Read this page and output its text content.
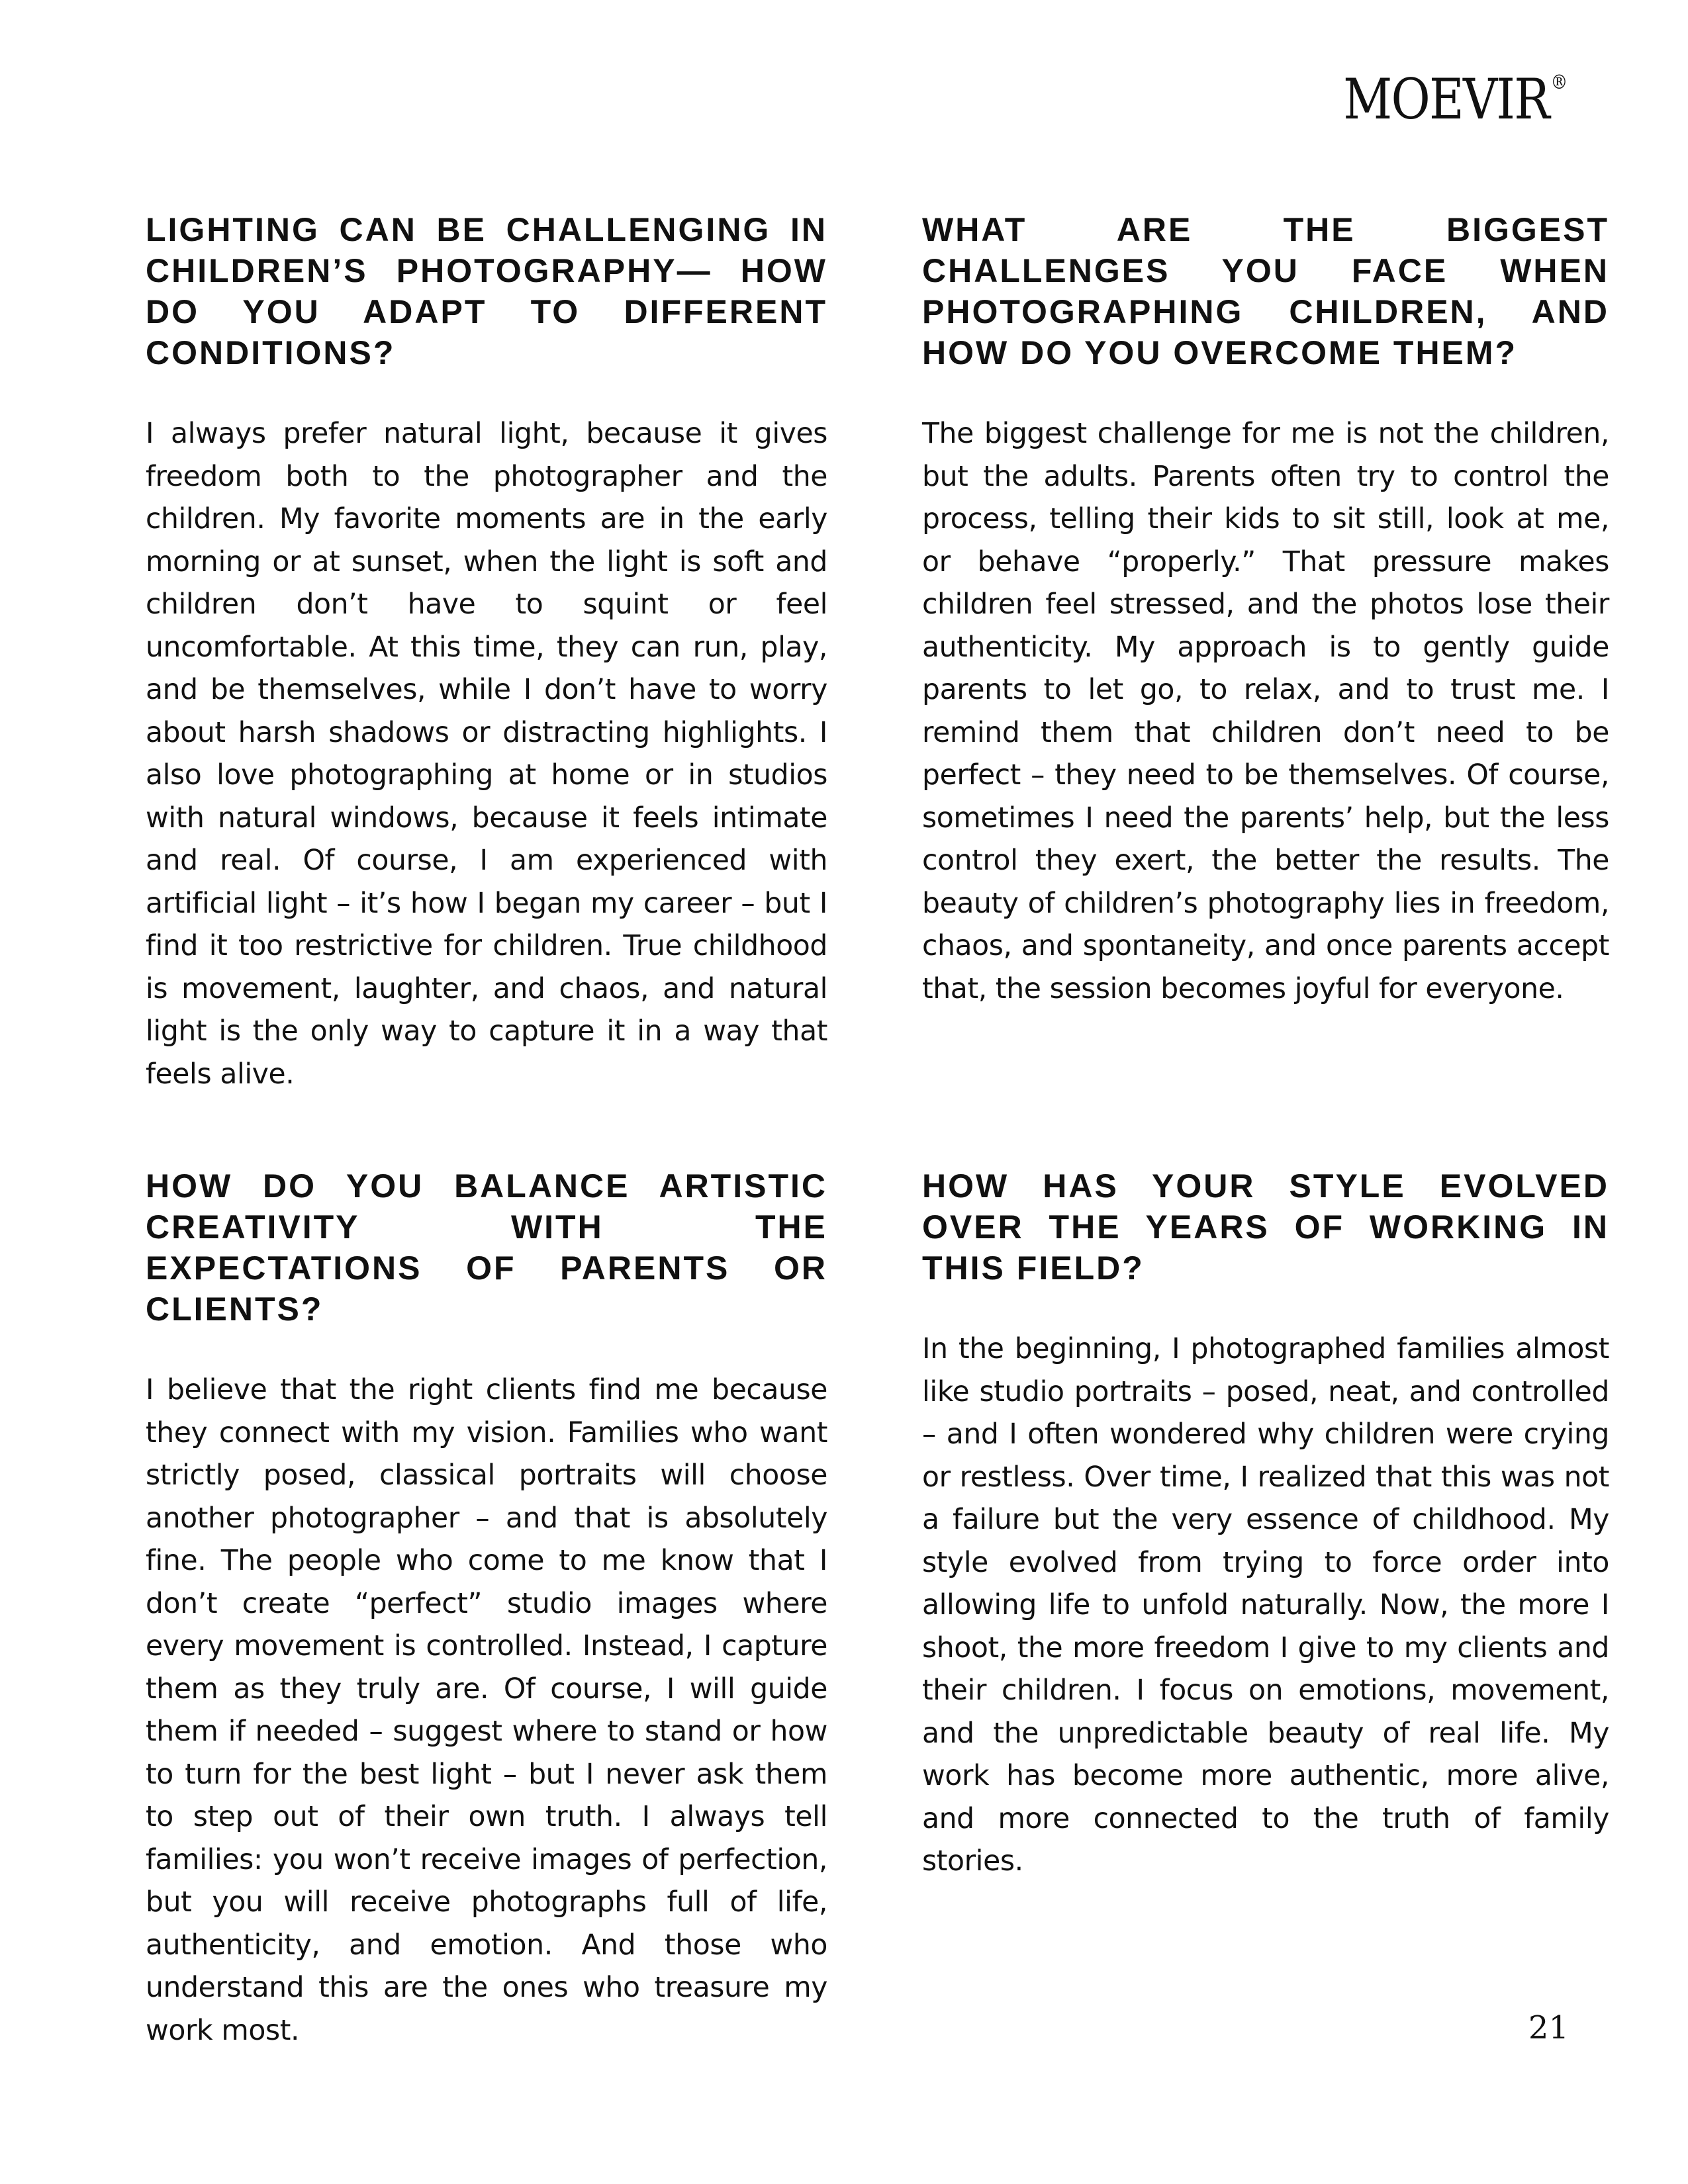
MOEVIR®
LIGHTING CAN BE CHALLENGING IN CHILDREN’S PHOTOGRAPHY— HOW DO YOU ADAPT TO DIFFERENT CONDITIONS?

I always prefer natural light, because it gives freedom both to the photographer and the children. My favorite moments are in the early morning or at sunset, when the light is soft and children don’t have to squint or feel uncomfortable. At this time, they can run, play, and be themselves, while I don’t have to worry about harsh shadows or distracting highlights. I also love photographing at home or in studios with natural windows, because it feels intimate and real. Of course, I am experienced with artificial light – it’s how I began my career – but I find it too restrictive for children. True childhood is movement, laughter, and chaos, and natural light is the only way to capture it in a way that feels alive.

WHAT ARE THE BIGGEST CHALLENGES YOU FACE WHEN PHOTOGRAPHING CHILDREN, AND HOW DO YOU OVERCOME THEM?

The biggest challenge for me is not the children, but the adults. Parents often try to control the process, telling their kids to sit still, look at me, or behave “properly.” That pressure makes children feel stressed, and the photos lose their authenticity. My approach is to gently guide parents to let go, to relax, and to trust me. I remind them that children don’t need to be perfect – they need to be themselves. Of course, sometimes I need the parents’ help, but the less control they exert, the better the results. The beauty of children’s photography lies in freedom, chaos, and spontaneity, and once parents accept that, the session becomes joyful for everyone.

HOW DO YOU BALANCE ARTISTIC CREATIVITY WITH THE EXPECTATIONS OF PARENTS OR CLIENTS?

I believe that the right clients find me because they connect with my vision. Families who want strictly posed, classical portraits will choose another photographer – and that is absolutely fine. The people who come to me know that I don’t create “perfect” studio images where every movement is controlled. Instead, I capture them as they truly are. Of course, I will guide them if needed – suggest where to stand or how to turn for the best light – but I never ask them to step out of their own truth. I always tell families: you won’t receive images of perfection, but you will receive photographs full of life, authenticity, and emotion. And those who understand this are the ones who treasure my work most.

HOW HAS YOUR STYLE EVOLVED OVER THE YEARS OF WORKING IN THIS FIELD?

In the beginning, I photographed families almost like studio portraits – posed, neat, and controlled – and I often wondered why children were crying or restless. Over time, I realized that this was not a failure but the very essence of childhood. My style evolved from trying to force order into allowing life to unfold naturally. Now, the more I shoot, the more freedom I give to my clients and their children. I focus on emotions, movement, and the unpredictable beauty of real life. My work has become more authentic, more alive, and more connected to the truth of family stories.

21
